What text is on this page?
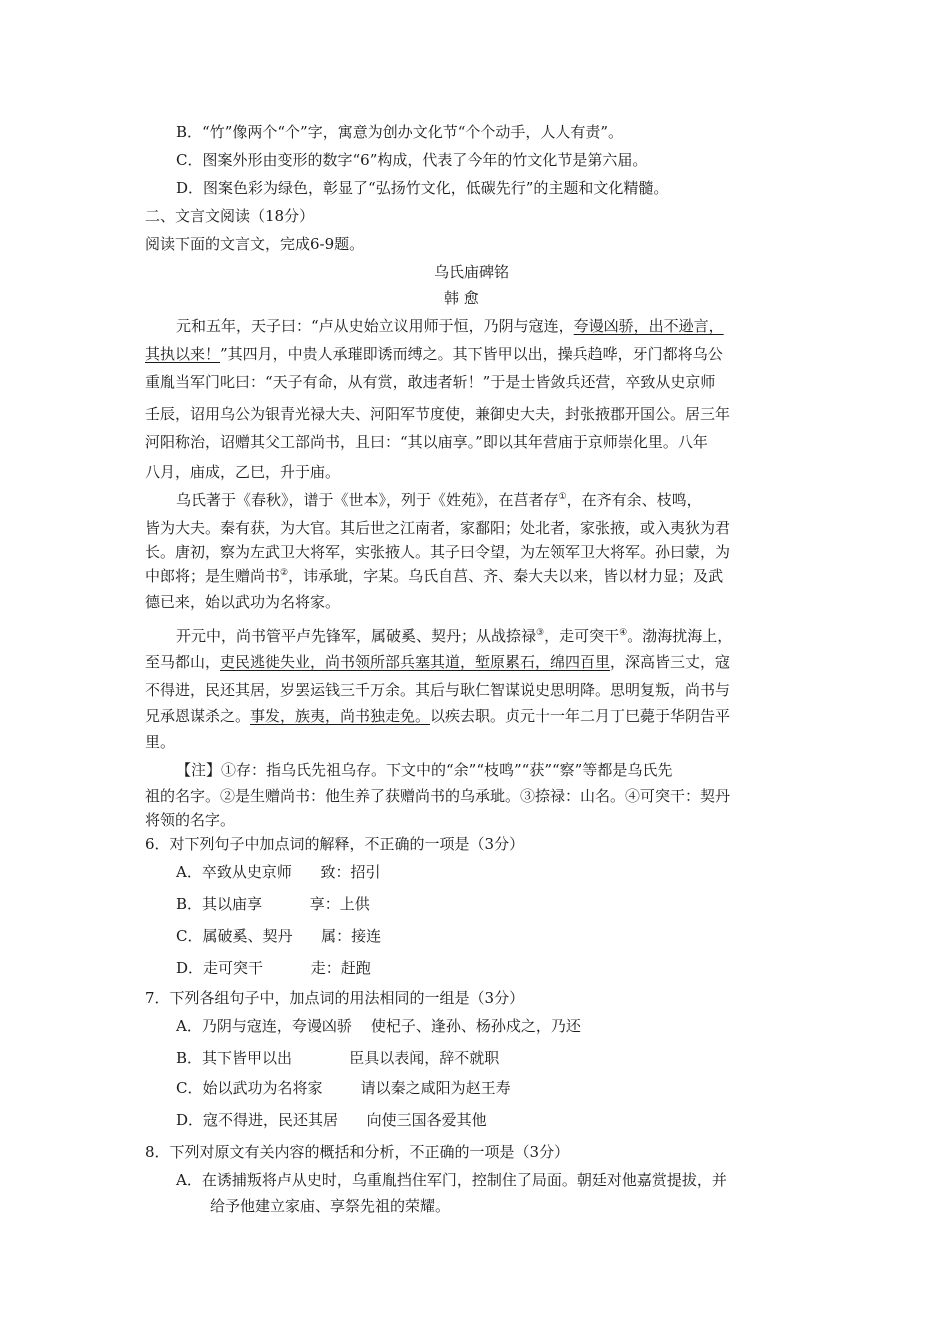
B．“竹”像两个“个”字，寓意为创办文化节“个个动手，人人有责”。
C．图案外形由变形的数字“6”构成，代表了今年的竹文化节是第六届。
D．图案色彩为绿色，彰显了“弘扬竹文化，低碳先行”的主题和文化精髓。
二、文言文阅读（18分）
阅读下面的文言文，完成6-9题。
乌氏庙碑铭
韩 愈
元和五年，天子曰：“卢从史始立议用师于恒，乃阴与寇连，夸谩凶骄，出不逊言，
其执以来！”其四月，中贵人承璀即诱而缚之。其下皆甲以出，操兵趋哗，牙门都将乌公
重胤当军门叱曰：“天子有命，从有赏，敢违者斩！”于是士皆敛兵还营，卒致从史京师
壬辰，诏用乌公为银青光禄大夫、河阳军节度使，兼御史大夫，封张掖郡开国公。居三年
河阳称治，诏赠其父工部尚书，且曰：“其以庙享。”即以其年营庙于京师崇化里。八年
八月，庙成，乙巳，升于庙。
乌氏著于《春秋》，谱于《世本》，列于《姓苑》，在莒者存①，在齐有余、枝鸣，
皆为大夫。秦有获，为大官。其后世之江南者，家鄱阳；处北者，家张掖，或入夷狄为君
长。唐初，察为左武卫大将军，实张掖人。其子曰令望，为左领军卫大将军。孙曰蒙，为
中郎将；是生赠尚书②，讳承玼，字某。乌氏自莒、齐、秦大夫以来，皆以材力显；及武
德已来，始以武功为名将家。
开元中，尚书管平卢先锋军，属破奚、契丹；从战捺禄③，走可突干④。渤海扰海上，
至马都山，吏民逃徙失业，尚书领所部兵塞其道，堑原累石，绵四百里，深高皆三丈，寇
不得进，民还其居，岁罢运钱三千万余。其后与耿仁智谋说史思明降。思明复叛，尚书与
兄承恩谋杀之。事发，族夷，尚书独走免。以疾去职。贞元十一年二月丁巳薨于华阴告平
里。
【注】①存：指乌氏先祖乌存。下文中的“余”“枝鸣”“获”“察”等都是乌氏先
祖的名字。②是生赠尚书：他生养了获赠尚书的乌承玼。③捺禄：山名。④可突干：契丹
将领的名字。
6．对下列句子中加点词的解释，不正确的一项是（3分）
A．卒致从史京师      致：招引
B．其以庙享          享：上供
C．属破奚、契丹      属：接连
D．走可突干          走：赶跑
7．下列各组句子中，加点词的用法相同的一组是（3分）
A．乃阴与寇连，夸谩凶骄    使杞子、逢孙、杨孙戍之，乃还
B．其下皆甲以出            臣具以表闻，辞不就职
C．始以武功为名将家        请以秦之咸阳为赵王寿
D．寇不得进，民还其居      向使三国各爱其他
8．下列对原文有关内容的概括和分析，不正确的一项是（3分）
A．在诱捕叛将卢从史时，乌重胤挡住军门，控制住了局面。朝廷对他嘉赏提拔，并
给予他建立家庙、享祭先祖的荣耀。
